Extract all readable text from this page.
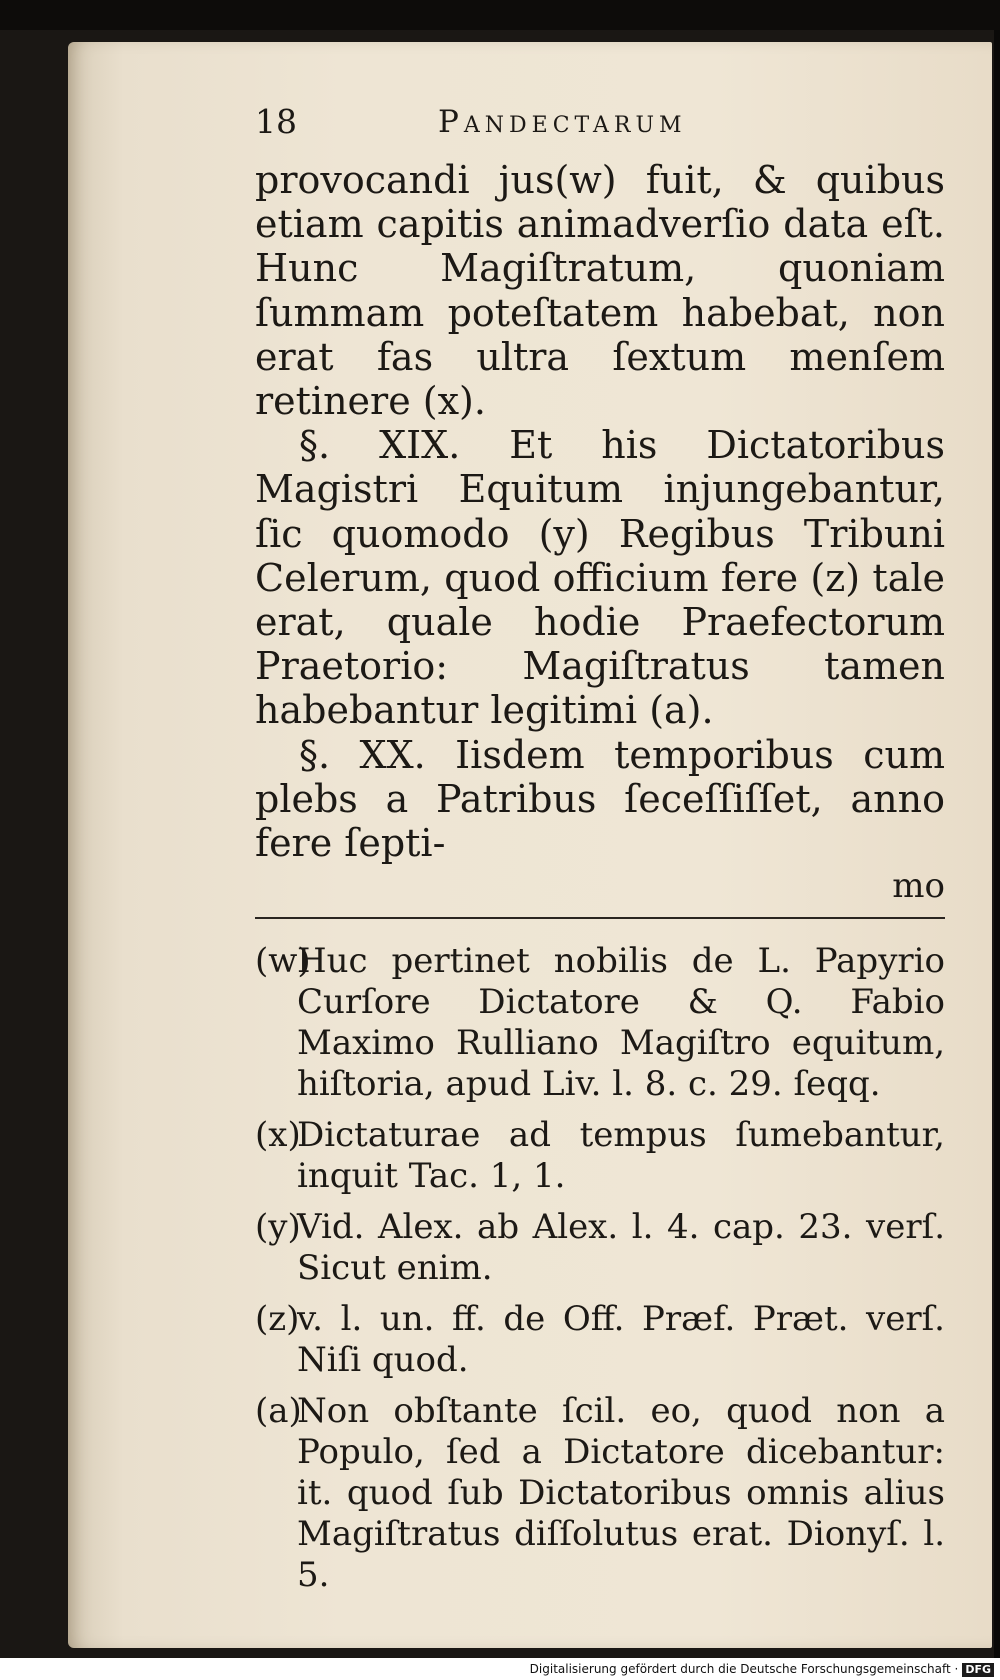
18	Pandectarum

provocandi jus(w) fuit, & quibus etiam capitis animadverſio data eſt. Hunc Magiſtratum, quoniam ſummam poteſtatem habebat, non erat fas ultra ſextum menſem retinere (x).

§. XIX. Et his Dictatoribus Magistri Equitum injungebantur, ſic quomodo (y) Regibus Tribuni Celerum, quod officium fere (z) tale erat, quale hodie Praefectorum Praetorio: Magiſtratus tamen habebantur legitimi (a).

§. XX. Iisdem temporibus cum plebs a Patribus ſeceſſiſſet, anno fere ſepti-

mo
(w)
Huc pertinet nobilis de L. Papyrio Curſore Dictatore & Q. Fabio Maximo Rulliano Magiſtro equitum, hiſtoria, apud Liv. l. 8. c. 29. ſeqq.
(x)
Dictaturae ad tempus ſumebantur, inquit Tac. 1, 1.
(y)
Vid. Alex. ab Alex. l. 4. cap. 23. verſ. Sicut enim.
(z)
v. l. un. ff. de Off. Præf. Præt. verſ. Niſi quod.
(a)
Non obſtante ſcil. eo, quod non a Populo, ſed a Dictatore dicebantur: it. quod ſub Dictatoribus omnis alius Magiſtratus diſſolutus erat. Dionyſ. l. 5.
Digitalisierung gefördert durch die Deutsche Forschungsgemeinschaft · DFG
